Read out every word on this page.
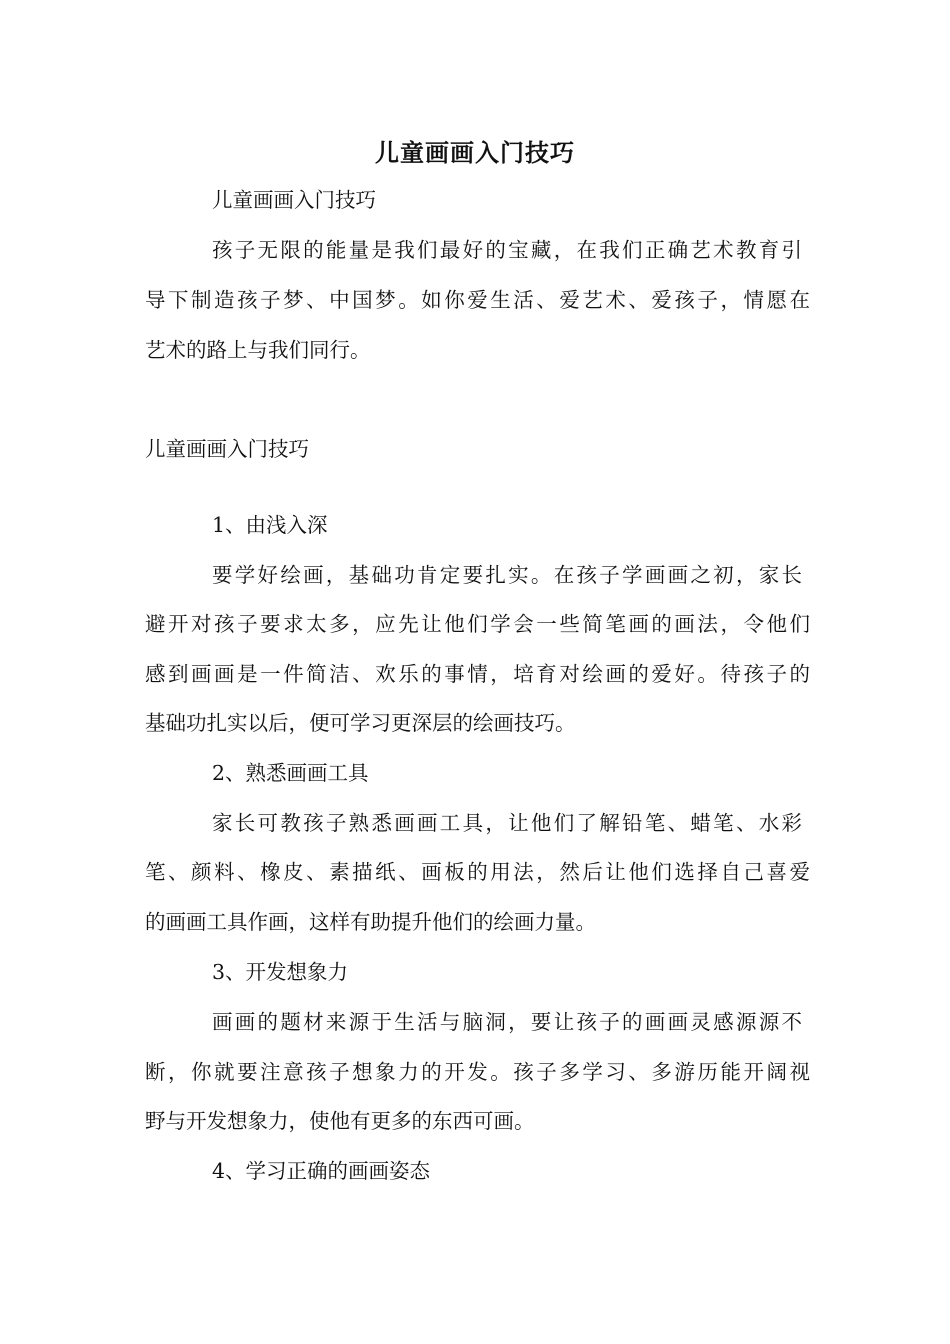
儿童画画入门技巧
儿童画画入门技巧
孩子无限的能量是我们最好的宝藏，在我们正确艺术教育引
导下制造孩子梦、中国梦。如你爱生活、爱艺术、爱孩子，情愿在
艺术的路上与我们同行。
儿童画画入门技巧
1、由浅入深
要学好绘画，基础功肯定要扎实。在孩子学画画之初，家长
避开对孩子要求太多，应先让他们学会一些简笔画的画法，令他们
感到画画是一件简洁、欢乐的事情，培育对绘画的爱好。待孩子的
基础功扎实以后，便可学习更深层的绘画技巧。
2、熟悉画画工具
家长可教孩子熟悉画画工具，让他们了解铅笔、蜡笔、水彩
笔、颜料、橡皮、素描纸、画板的用法，然后让他们选择自己喜爱
的画画工具作画，这样有助提升他们的绘画力量。
3、开发想象力
画画的题材来源于生活与脑洞，要让孩子的画画灵感源源不
断，你就要注意孩子想象力的开发。孩子多学习、多游历能开阔视
野与开发想象力，使他有更多的东西可画。
4、学习正确的画画姿态
